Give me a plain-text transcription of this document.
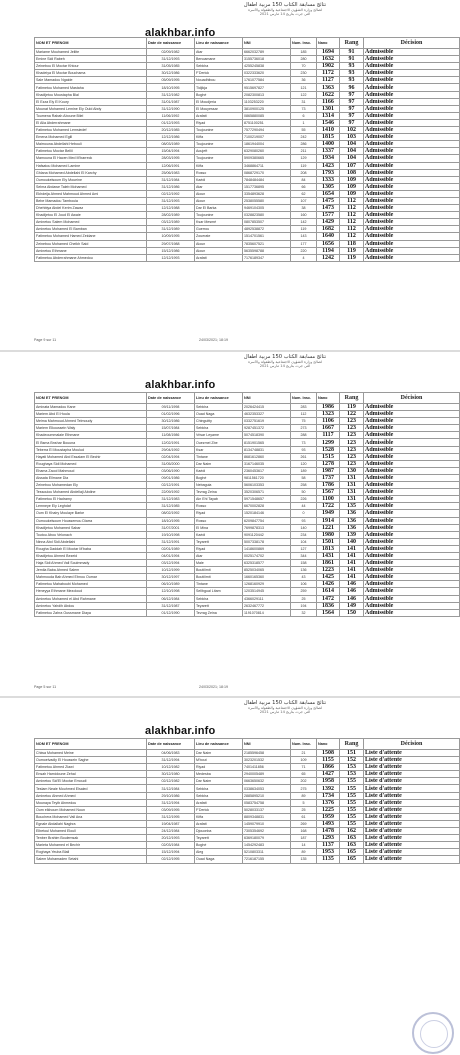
alakhbar.info
نتائج مسابقة الكتاب 150 مربية أطفال
لصالح وزارة الشؤون الاجتماعية والطفولة والأسرة
التي جرت بتاريخ 14 مارس 2021
NOM ET PRENOM	Date de naissance	Lieu de naissance	NNI	Num. Insc.	Nano	Rang	Décision
Mariame Mouhamed Jeilite	02/09/1982	Atar	6662032789	185	1694	91	Admissible
Emine Sidi Rabeh	31/12/1993	Benoamane	3155736018	280	1632	91	Admissible
Zeinebou El Moctar Khtour	31/05/1985	Sebkha	4255245838	70	1902	93	Admissible
Khadeiya El Moctar Bouchama	30/12/1986	F'Derick	0322333620	230	1172	93	Admissible
Sale Mamadou Ngaide	05/09/1995	Nouadhibou	1761077584	36	1127	93	Admissible
Fatimetou Mohamed Mastaha	18/10/1995	Tidjikja	9515697827	121	1363	96	Admissible
Khadijetou Moustapha Blal	31/12/1982	Boghé	2082300813	122	1622	97	Admissible
El Ezza Ely El Koury	31/01/1987	El Moudjeria	1103253220	31	1166	97	Admissible
Mounat Mohamed Lemine Ely Ould Abdy	31/12/1990	El Mouyessar	3810900125	73	1301	97	Admissible
Toumena Rabah Aboune Bilel	11/06/1992	Arafatt	0865880085	6	1314	97	Admissible
El Alia Abderrahmane	01/12/1993	Riyad	8751100251	1	1546	97	Admissible
Fatimetou Mohamed Lemsiedef	20/12/1985	Toujounine	7577290494	55	1410	102	Admissible
Emena Mohamed Egill	12/12/1986	Kiffa	7100219007	242	1815	103	Admissible
Maimouna Abdellahi Hebouli	08/03/1989	Toujounine	1861944004	286	1400	104	Admissible
Fatimetou Moctar Bellil	15/04/1994	Aoujeft	6329080260	211	1337	104	Admissible
Mamouna El Hacen Med M'barreck	28/03/1995	Toujounine	5909380665	129	1934	104	Admissible
Hafsatou Mohamed Lamine	12/06/1991	Kiffa	3468864711	119	1423	107	Admissible
Ghlana Mohamed Abdellahi El Karchy	25/06/1983	Rosso	0868729170	208	1793	108	Admissible
Oumoukelsoum Ely Moueine	31/12/1984	Kaédi	7848484484	84	1333	109	Admissible
Selma Abdawe Taleb Mohamed	31/12/1986	Atar	1517736895	66	1305	109	Admissible
Ekhdeija Ahmed Mahmoud Ahmed Ami	02/12/1992	Aioun	3354893628	62	1654	109	Admissible
Bebe Mamadou Tambouia	31/12/1993	Aioun	2538055580	107	1475	112	Admissible
Dhehbiya Abdel Kerim Zawaz	12/12/1988	Dar El Barka	9469104305	38	1473	112	Admissible
Khadijetou El Joud El Awaie	28/02/1989	Toujounine	0328823580	160	1577	112	Admissible
Aminetou Salem Mohamed	03/12/1989	Ksar Mesmé	0807853507	142	1429	112	Admissible
Aminetou Mohamed El Bamban	31/12/1989	Guerrou	4892538872	119	1682	112	Admissible
Fatimetou Mohamed Hamed Zeidane	10/09/1995	Zouerate	1514701561	143	1640	112	Admissible
Zeinebou Mohamed Cheikh Said	29/07/1988	Aioun	7835607521	177	1656	118	Admissible
Aminetou Ethmane	15/12/1986	Aioun	5635598788	220	1194	119	Admissible
Fatimetou Abderrahmane Ahmedou	12/12/1993	Arafatt	7176189347	4	1242	119	Admissible
Page 9 sur 11	24/03/2021; 18:19
alakhbar.info
نتائج مسابقة الكتاب 150 مربية أطفال
لصالح وزارة الشؤون الاجتماعية والطفولة والأسرة
التي جرت بتاريخ 14 مارس 2021
NOM ET PRENOM	Date de naissance	Lieu de naissance	NNI	Num. Insc.	Nano	Rang	Décision
Aminata Mamadou Kane	09/11/1998	Sebkha	2026424415	283	1986	119	Admissible
Mariem Abd El Houla	01/02/1996	Ouad Naga	4632353327	112	1323	122	Admissible
Meima Mahmoud Ahmed Telmoudy	30/12/1986	Chinguitty	0332751619	75	1106	123	Admissible
Mariem Elkoussein Waly	15/07/1984	Sebkha	9287451372	273	1667	123	Admissible
Khadeoummalaie Ethmane	11/08/1986	Vrisar Leyame	5074518390	288	1117	123	Admissible
El Bsma Bnshar Bouuna	12/02/1991	Ouezmel Zbe	8151901565	73	1299	123	Admissible
Teberra El Moustapha Moulud	29/04/1992	Ksar	8134748831	93	1528	123	Admissible
Hayati Mohamed Abd Essalam El Bechir	02/04/1994	Tintane	8681612860	261	1515	123	Admissible
Roughaya Sidi Mohamed	31/05/2000	Dar Naim	3167146035	120	1278	123	Admissible
Ehama Zaool Mahmoud	03/06/1990	Kaédi	2360453617	189	1987	130	Admissible
Aissata Ellmane Dia	09/01/1986	Boghé	9811561720	58	1737	131	Admissible
Zeinebou Mohamedan Ely	02/12/1991	Nebaguia	5606103353	258	1786	131	Admissible
Tessouiou Mohamed Abdellaji Abdine	22/09/1992	Tevrag Zeina	3520306571	50	1567	131	Admissible
Fatimetou El Hadramy	31/12/1983	Ain Ehl Tayab	5971548657	226	1100	131	Admissible
Lemneye Ely Leghdaf	31/12/1985	Rosso	6670002828	44	1722	135	Admissible
Oum El Khairy Moulaye Barke	08/02/1992	Riyad	1520184146	0	1949	136	Admissible
Oumoukelsoum Houssemou Diarra	18/10/1995	Rosso	6209847754	93	1914	136	Admissible
Khadijetou Mohamed Sabar	31/07/2001	El Mina	7699878313	140	1221	136	Admissible
Toutou Abou Velonach	19/10/1998	Kaédi	9091120442	234	1980	139	Admissible
Ninna Abd Sidi Abdellahi	31/12/1991	Teyarett	5007338178	104	1501	140	Admissible
Rougha Daddah El Moctar M'baba	02/01/1989	Riyad	1418600869	127	1813	141	Admissible
Khadijetou Ahmed Bezeid	04/01/1994	Atar	0025174702	344	1431	141	Admissible
Haja Sidi Ahmed Vall Soulmmady	03/12/1994	Male	6325318577	158	1861	141	Admissible
Jemila Baba Ahmed Salem	10/12/1999	Boutilimit	8525034065	136	1223	141	Admissible
Mahmouda Bab Ahmed Ebnou Oumar	30/12/1997	Boutilimit	1660165360	43	1425	141	Admissible
Fatimetou Mahaboubi Mohamed	06/10/1989	Tintane	1268160929	106	1426	146	Admissible
Heneyya Ethmane Mezoloud	12/10/1998	Sellbgual Litam	1203514945	259	1614	146	Admissible
Aminetou Mohamed el Abd Rahmane	06/12/1984	Sebkha	4366029111	25	1472	146	Admissible
Aminetou Yahdih Abdou	31/12/1987	Teyarett	2632467772	194	1836	149	Admissible
Fatimetou Zahra Oussmane Diaya	01/12/1990	Tevrag Zeina	1191070814	32	1564	150	Admissible
Page 5 sur 11	24/03/2021; 18:19
alakhbar.info
نتائج مسابقة الكتاب 150 مربية أطفال
لصالح وزارة الشؤون الاجتماعية والطفولة والأسرة
التي جرت بتاريخ 14 مارس 2021
NOM ET PRENOM	Date de naissance	Lieu de naissance	NNI	Num. Insc.	Nano	Rang	Décision
Chiwa Mohamed Meine	04/06/1983	Dar Naim	2185596458	21	1508	151	Liste d'attente
Oumoelvadly El Houssein Saghe	31/12/1994	M'bout	3023201532	109	1155	152	Liste d'attente
Fatimetou Ahmed Ziawi	10/12/1982	Riyad	7401411856	71	1866	153	Liste d'attente
Ensah Hamidoune Zehal	30/12/1980	Medesba	2940005489	65	1427	153	Liste d'attente
Aminetou Sid'El Moctar Emoudi	02/12/1982	Dar Naim	0663650632	202	1958	155	Liste d'attente
Teslam Neaie Mouhmed Elsaied	31/12/1984	Sebkha	0338634053	275	1392	155	Liste d'attente
Aminetou Ahmed Ahmed	29/10/1986	Sebkha	2885895210	89	1734	155	Liste d'attente
Mounaya Teyib Ahmedou	31/12/1994	Arafatt	0583754758	5	1376	155	Liste d'attente
Oum elkhoum Mohamed Noun	03/09/1995	F'Derick	5028033137	25	1225	155	Liste d'attente
Bouchera Mohamed Vall Ana	31/12/1995	Kiffa	8809348831	61	1959	155	Liste d'attente
Egnale Abdallahi Naghra	19/04/1987	Arafatt	1459079910	269	1493	155	Liste d'attente
Elbetoul Mohamed Eloull	24/12/1984	Djouonba	7305354692	168	1478	162	Liste d'attente
Tenber Brahim Boulemsak	20/12/1993	Teyarett	6369180079	187	1293	163	Liste d'attente
Marieta Mohamed el Bechir	02/03/1984	Boghé	1454292483	14	1137	163	Liste d'attente
Roghaya Yeuba Blall	15/12/1994	Aleg	5210803311	89	1953	165	Liste d'attente
Salem Mohamaden Setahi	02/12/1995	Ouad Naga	7216187155	135	1135	165	Liste d'attente
